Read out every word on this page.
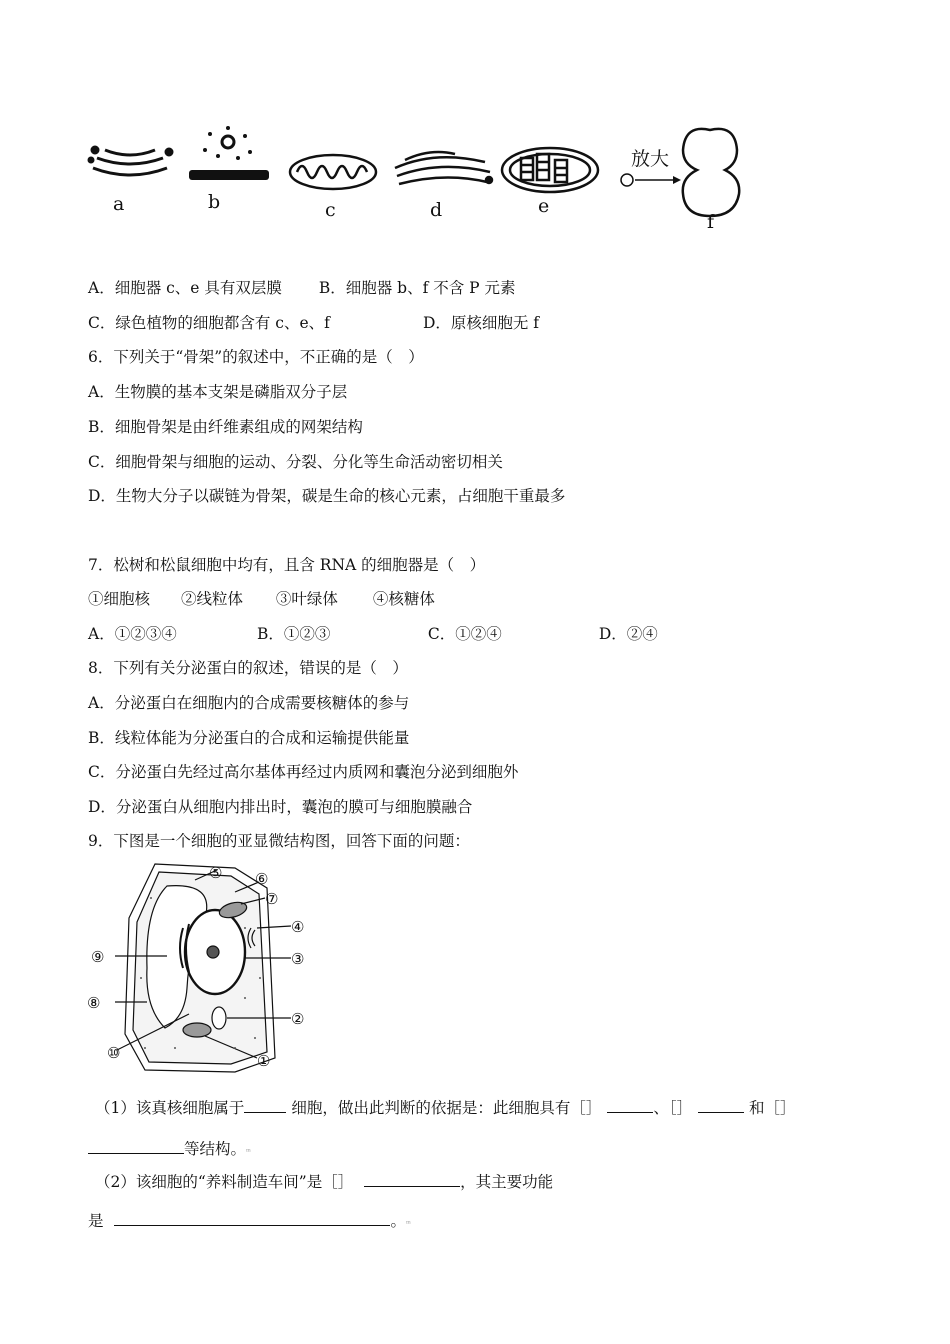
a	b	c	d	e
放大
f
A．细胞器 c、e 具有双层膜 B．细胞器 b、f 不含 P 元素
C．绿色植物的细胞都含有 c、e、f	D．原核细胞无 f
6．下列关于“骨架”的叙述中，不正确的是（　）
A．生物膜的基本支架是磷脂双分子层
B．细胞骨架是由纤维素组成的网架结构
C．细胞骨架与细胞的运动、分裂、分化等生命活动密切相关
D．生物大分子以碳链为骨架，碳是生命的核心元素，占细胞干重最多
7．松树和松鼠细胞中均有，且含 RNA 的细胞器是（　）
①细胞核 ②线粒体 ③叶绿体 ④核糖体
A．①②③④	B．①②③	C．①②④	D．②④
8．下列有关分泌蛋白的叙述，错误的是（　）
A．分泌蛋白在细胞内的合成需要核糖体的参与
B．线粒体能为分泌蛋白的合成和运输提供能量
C．分泌蛋白先经过高尔基体再经过内质网和囊泡分泌到细胞外
D．分泌蛋白从细胞内排出时，囊泡的膜可与细胞膜融合
9．下图是一个细胞的亚显微结构图，回答下面的问题：
⑤ ⑥
⑦
④
③
⑨
⑧
②
⑩	①
（1）该真核细胞属于	细胞，做出此判断的依据是：此细胞具有［］	、［］	和［］
等结构。ᵐ
（2）该细胞的“养料制造车间”是［］	，其主要功能
是	。ᵐ
